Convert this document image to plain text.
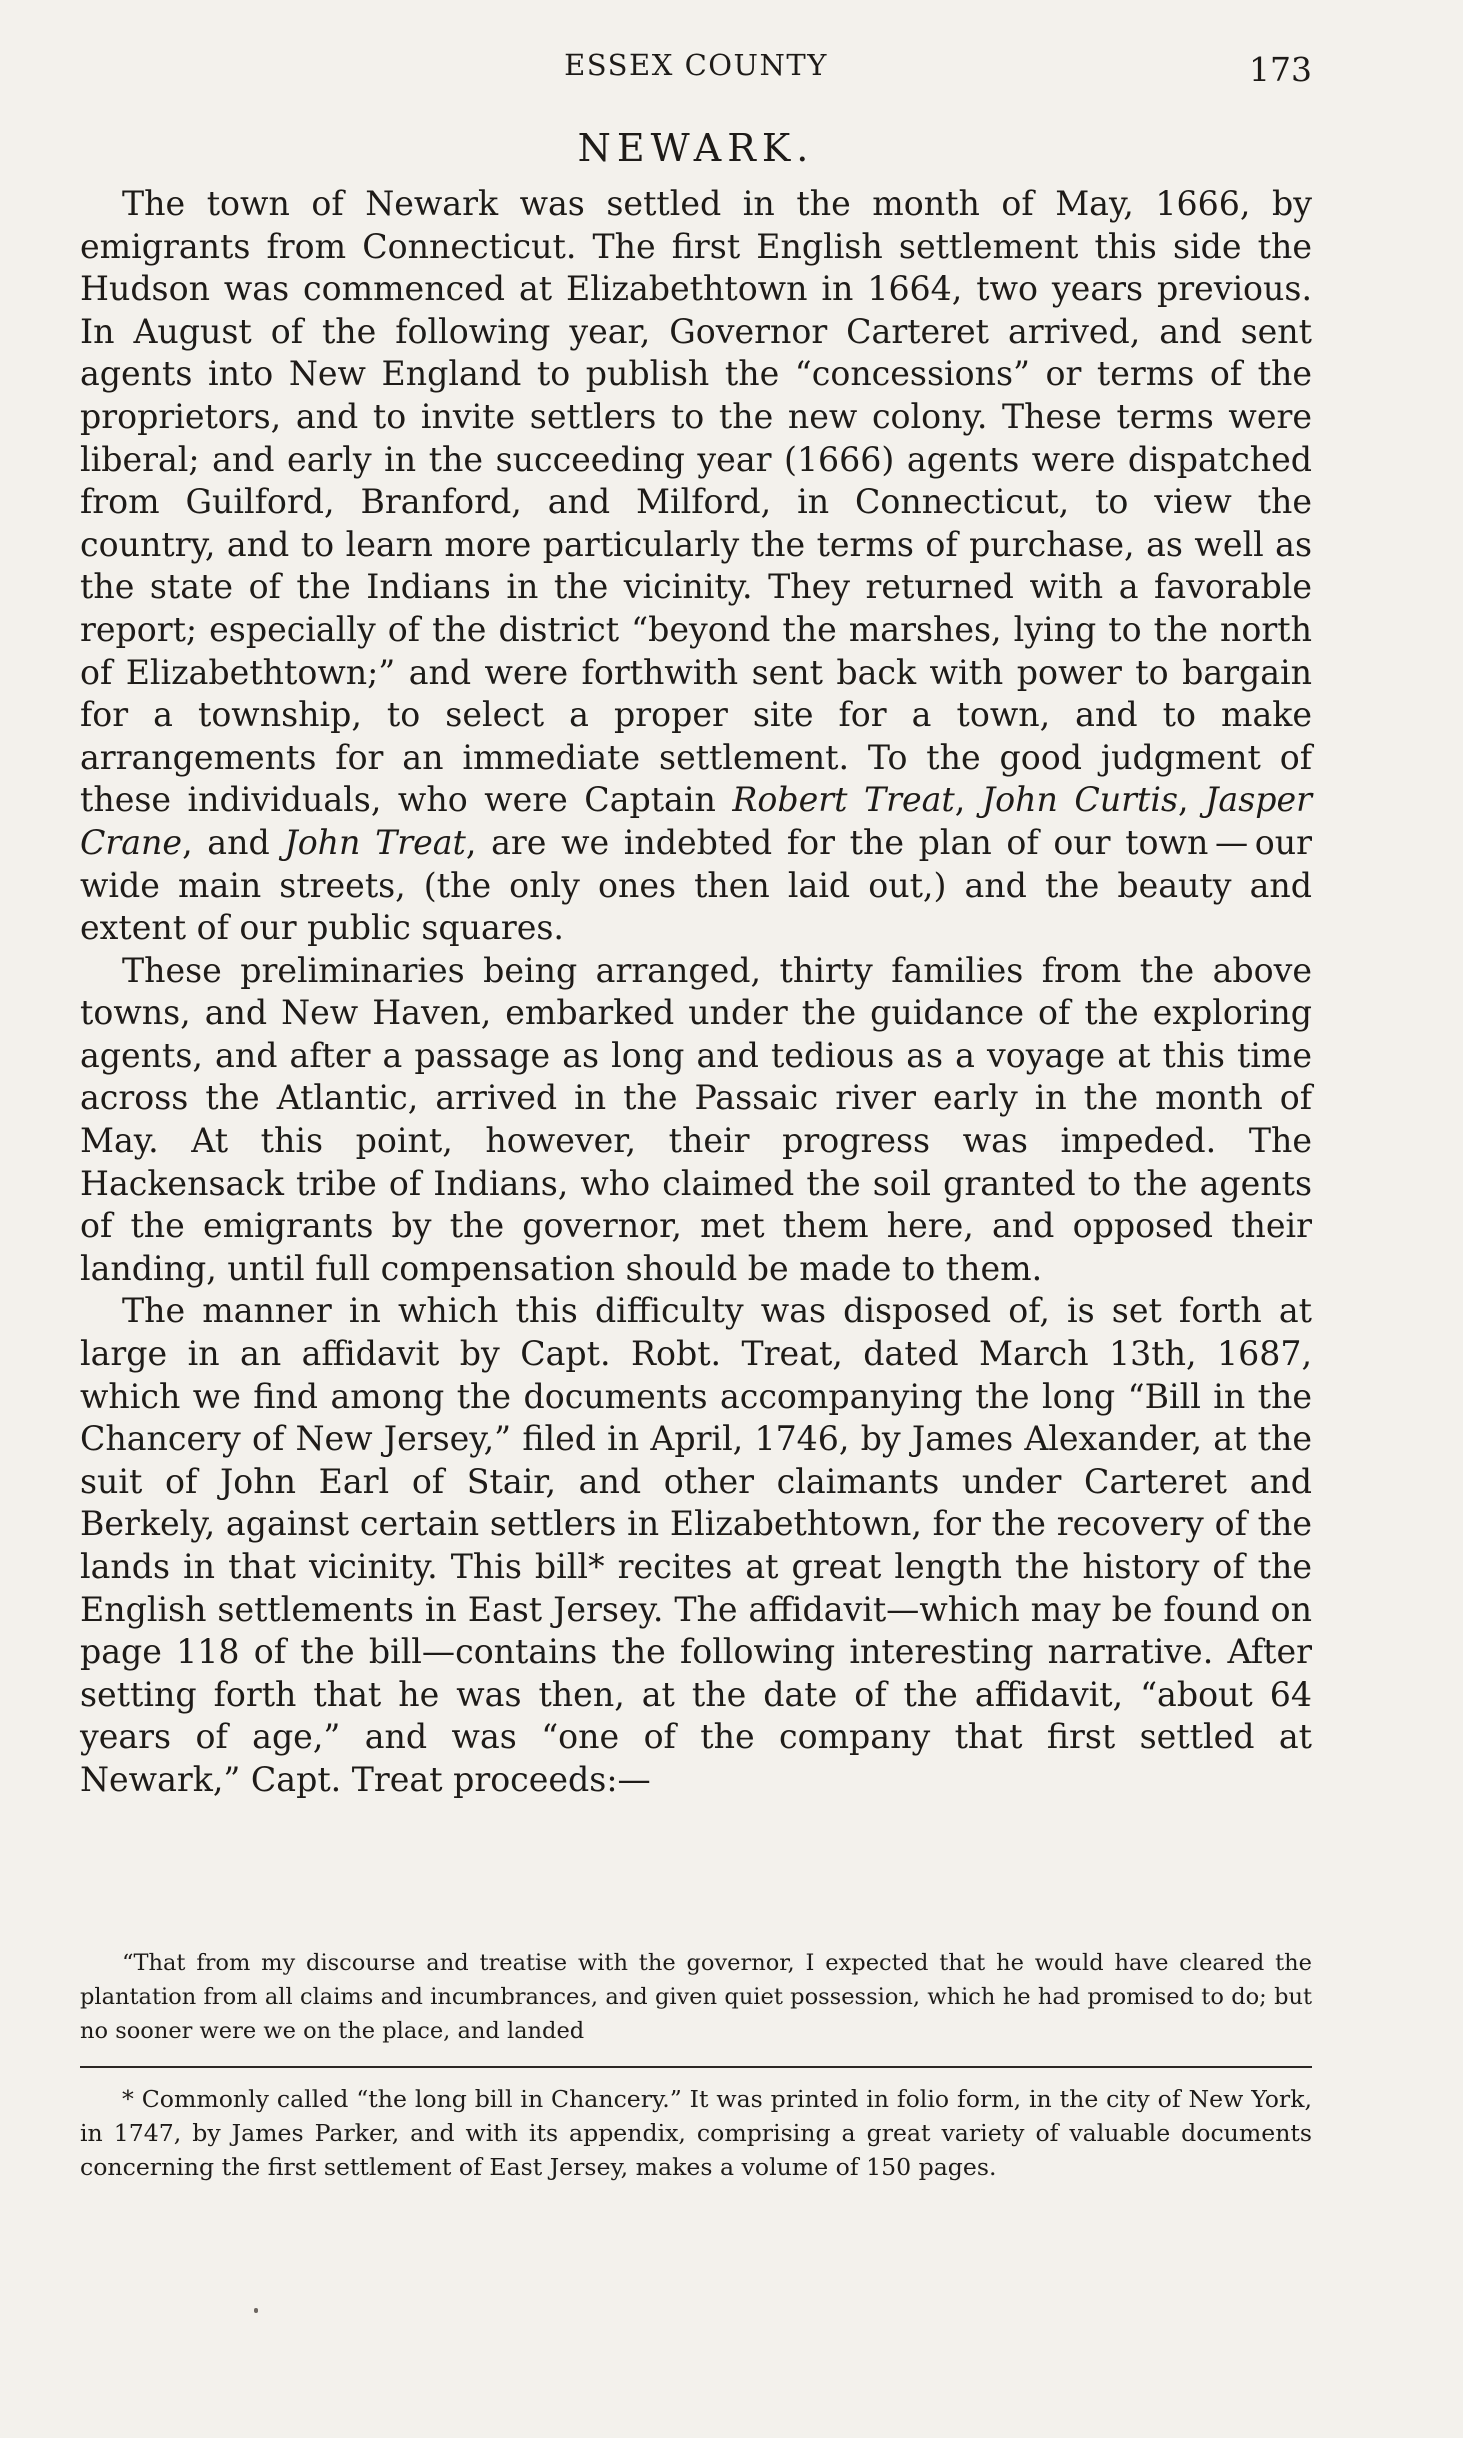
ESSEX COUNTY	173
NEWARK.

The town of Newark was settled in the month of May, 1666, by emigrants from Connecticut. The first English settlement this side the Hudson was commenced at Elizabethtown in 1664, two years previous. In August of the following year, Governor Carteret arrived, and sent agents into New England to publish the “concessions” or terms of the proprietors, and to invite settlers to the new colony. These terms were liberal; and early in the succeeding year (1666) agents were dispatched from Guilford, Branford, and Milford, in Connecticut, to view the country, and to learn more particularly the terms of purchase, as well as the state of the Indians in the vicinity. They returned with a favorable report; especially of the district “beyond the marshes, lying to the north of Elizabethtown;” and were forthwith sent back with power to bargain for a township, to select a proper site for a town, and to make arrangements for an immediate settlement. To the good judgment of these individuals, who were Captain Robert Treat, John Curtis, Jasper Crane, and John Treat, are we indebted for the plan of our town — our wide main streets, (the only ones then laid out,) and the beauty and extent of our public squares.

These preliminaries being arranged, thirty families from the above towns, and New Haven, embarked under the guidance of the exploring agents, and after a passage as long and tedious as a voyage at this time across the Atlantic, arrived in the Passaic river early in the month of May. At this point, however, their progress was impeded. The Hackensack tribe of Indians, who claimed the soil granted to the agents of the emigrants by the governor, met them here, and opposed their landing, until full compensation should be made to them.

The manner in which this difficulty was disposed of, is set forth at large in an affidavit by Capt. Robt. Treat, dated March 13th, 1687, which we find among the documents accompanying the long “Bill in the Chancery of New Jersey,” filed in April, 1746, by James Alexander, at the suit of John Earl of Stair, and other claimants under Carteret and Berkely, against certain settlers in Elizabethtown, for the recovery of the lands in that vicinity. This bill* recites at great length the history of the English settlements in East Jersey. The affidavit—which may be found on page 118 of the bill—contains the following interesting narrative. After setting forth that he was then, at the date of the affidavit, “about 64 years of age,” and was “one of the company that first settled at Newark,” Capt. Treat proceeds:—

“That from my discourse and treatise with the governor, I expected that he would have cleared the plantation from all claims and incumbrances, and given quiet possession, which he had promised to do; but no sooner were we on the place, and landed

* Commonly called “the long bill in Chancery.” It was printed in folio form, in the city of New York, in 1747, by James Parker, and with its appendix, comprising a great variety of valuable documents concerning the first settlement of East Jersey, makes a volume of 150 pages.
